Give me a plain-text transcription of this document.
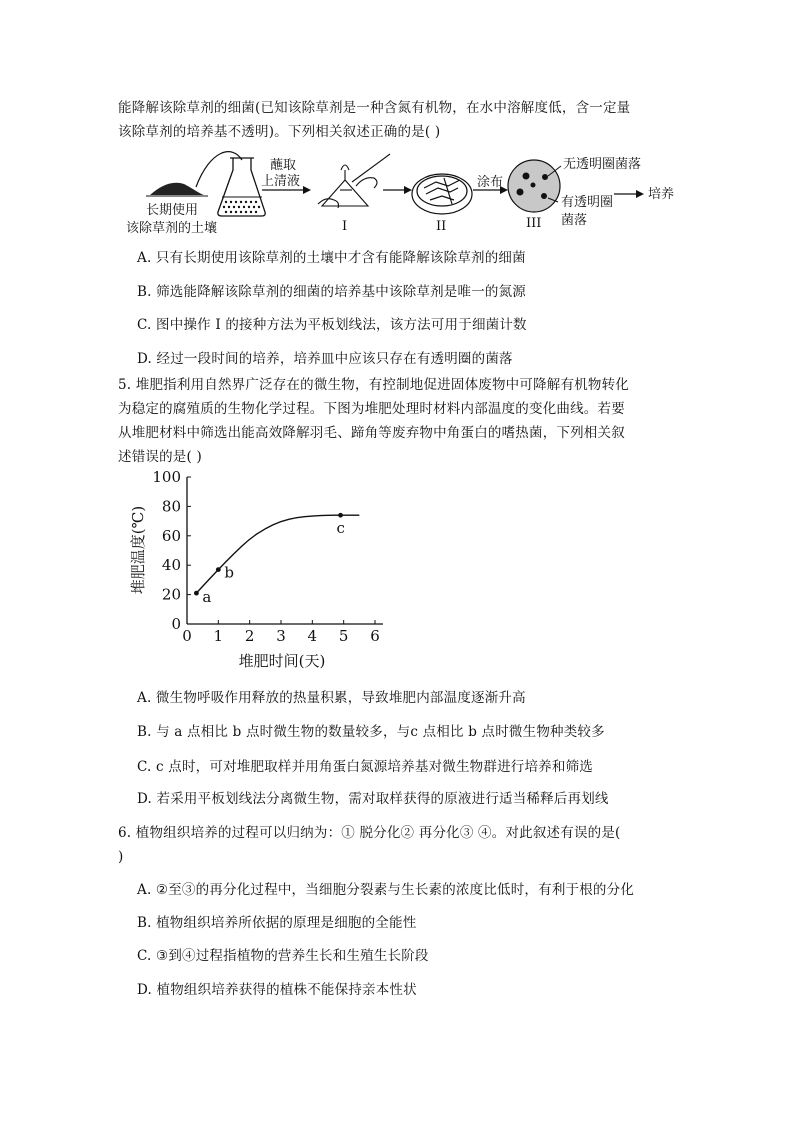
能降解该除草剂的细菌(已知该除草剂是一种含氮有机物，在水中溶解度低，含一定量
该除草剂的培养基不透明)。下列相关叙述正确的是( )
长期使用
该除草剂的土壤
蘸取
上清液
I	II
涂布
无透明圈菌落
有透明圈
菌落
III
培养
A. 只有长期使用该除草剂的土壤中才含有能降解该除草剂的细菌
B. 筛选能降解该除草剂的细菌的培养基中该除草剂是唯一的氮源
C. 图中操作 I 的接种方法为平板划线法，该方法可用于细菌计数
D. 经过一段时间的培养，培养皿中应该只存在有透明圈的菌落
5. 堆肥指利用自然界广泛存在的微生物，有控制地促进固体废物中可降解有机物转化
为稳定的腐殖质的生物化学过程。下图为堆肥处理时材料内部温度的变化曲线。若要
从堆肥材料中筛选出能高效降解羽毛、蹄角等废弃物中角蛋白的嗜热菌，下列相关叙
述错误的是( )
0
20
40
60
80
100
0 1 2 3 4 5 6
a
b
c
堆肥时间(天)
堆肥温度(℃)
A. 微生物呼吸作用释放的热量积累，导致堆肥内部温度逐渐升高
B. 与 a 点相比 b 点时微生物的数量较多，与c 点相比 b 点时微生物种类较多
C. c 点时，可对堆肥取样并用角蛋白氮源培养基对微生物群进行培养和筛选
D. 若采用平板划线法分离微生物，需对取样获得的原液进行适当稀释后再划线
6. 植物组织培养的过程可以归纳为：① 脱分化② 再分化③ ④。对此叙述有误的是(
)
A. ②至③的再分化过程中，当细胞分裂素与生长素的浓度比低时，有利于根的分化
B. 植物组织培养所依据的原理是细胞的全能性
C. ③到④过程指植物的营养生长和生殖生长阶段
D. 植物组织培养获得的植株不能保持亲本性状
